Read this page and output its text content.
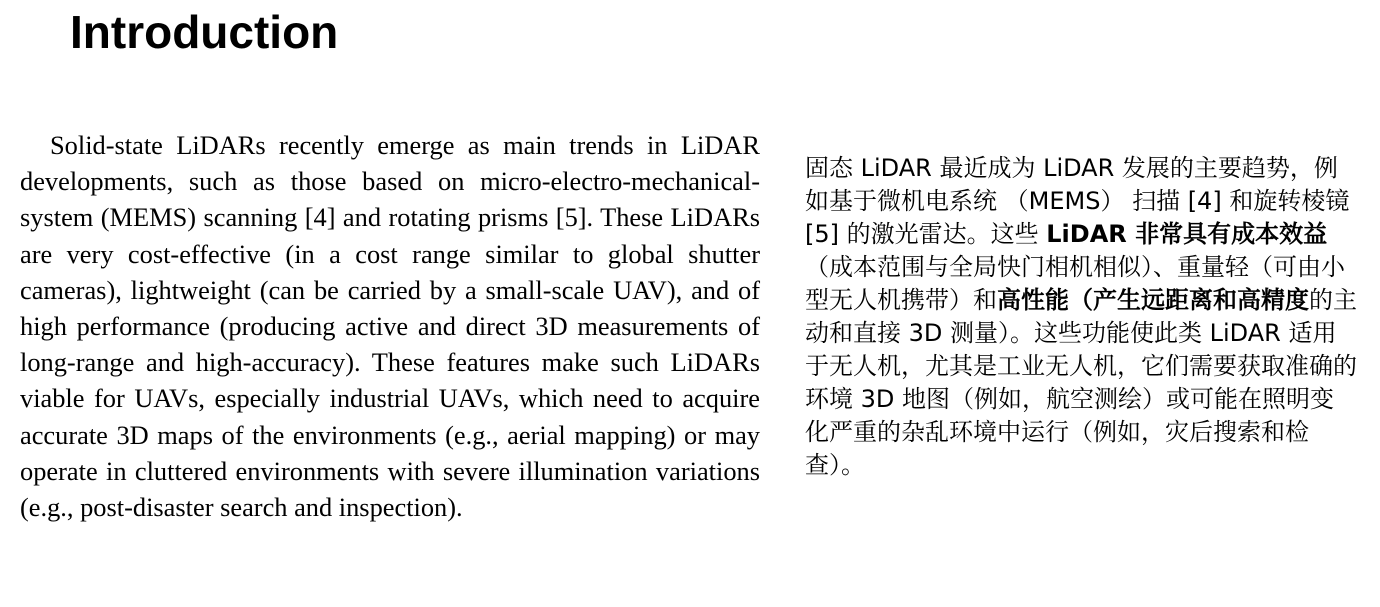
Introduction

Solid-state LiDARs recently emerge as main trends in LiDAR developments, such as those based on micro-electro-mechanical-system (MEMS) scanning [4] and rotating prisms [5]. These LiDARs are very cost-effective (in a cost range similar to global shutter cameras), lightweight (can be carried by a small-scale UAV), and of high performance (producing active and direct 3D measurements of long-range and high-accuracy). These features make such LiDARs viable for UAVs, especially industrial UAVs, which need to acquire accurate 3D maps of the environments (e.g., aerial mapping) or may operate in cluttered environments with severe illumination variations (e.g., post-disaster search and inspection).

固态 LiDAR 最近成为 LiDAR 发展的主要趋势，例如基于微机电系统 （MEMS） 扫描 [4] 和旋转棱镜 [5] 的激光雷达。这些 LiDAR 非常具有成本效益（成本范围与全局快门相机相似）、重量轻（可由小型无人机携带）和高性能（产生远距离和高精度的主动和直接 3D 测量）。这些功能使此类 LiDAR 适用于无人机，尤其是工业无人机，它们需要获取准确的环境 3D 地图（例如，航空测绘）或可能在照明变化严重的杂乱环境中运行（例如，灾后搜索和检查）。
